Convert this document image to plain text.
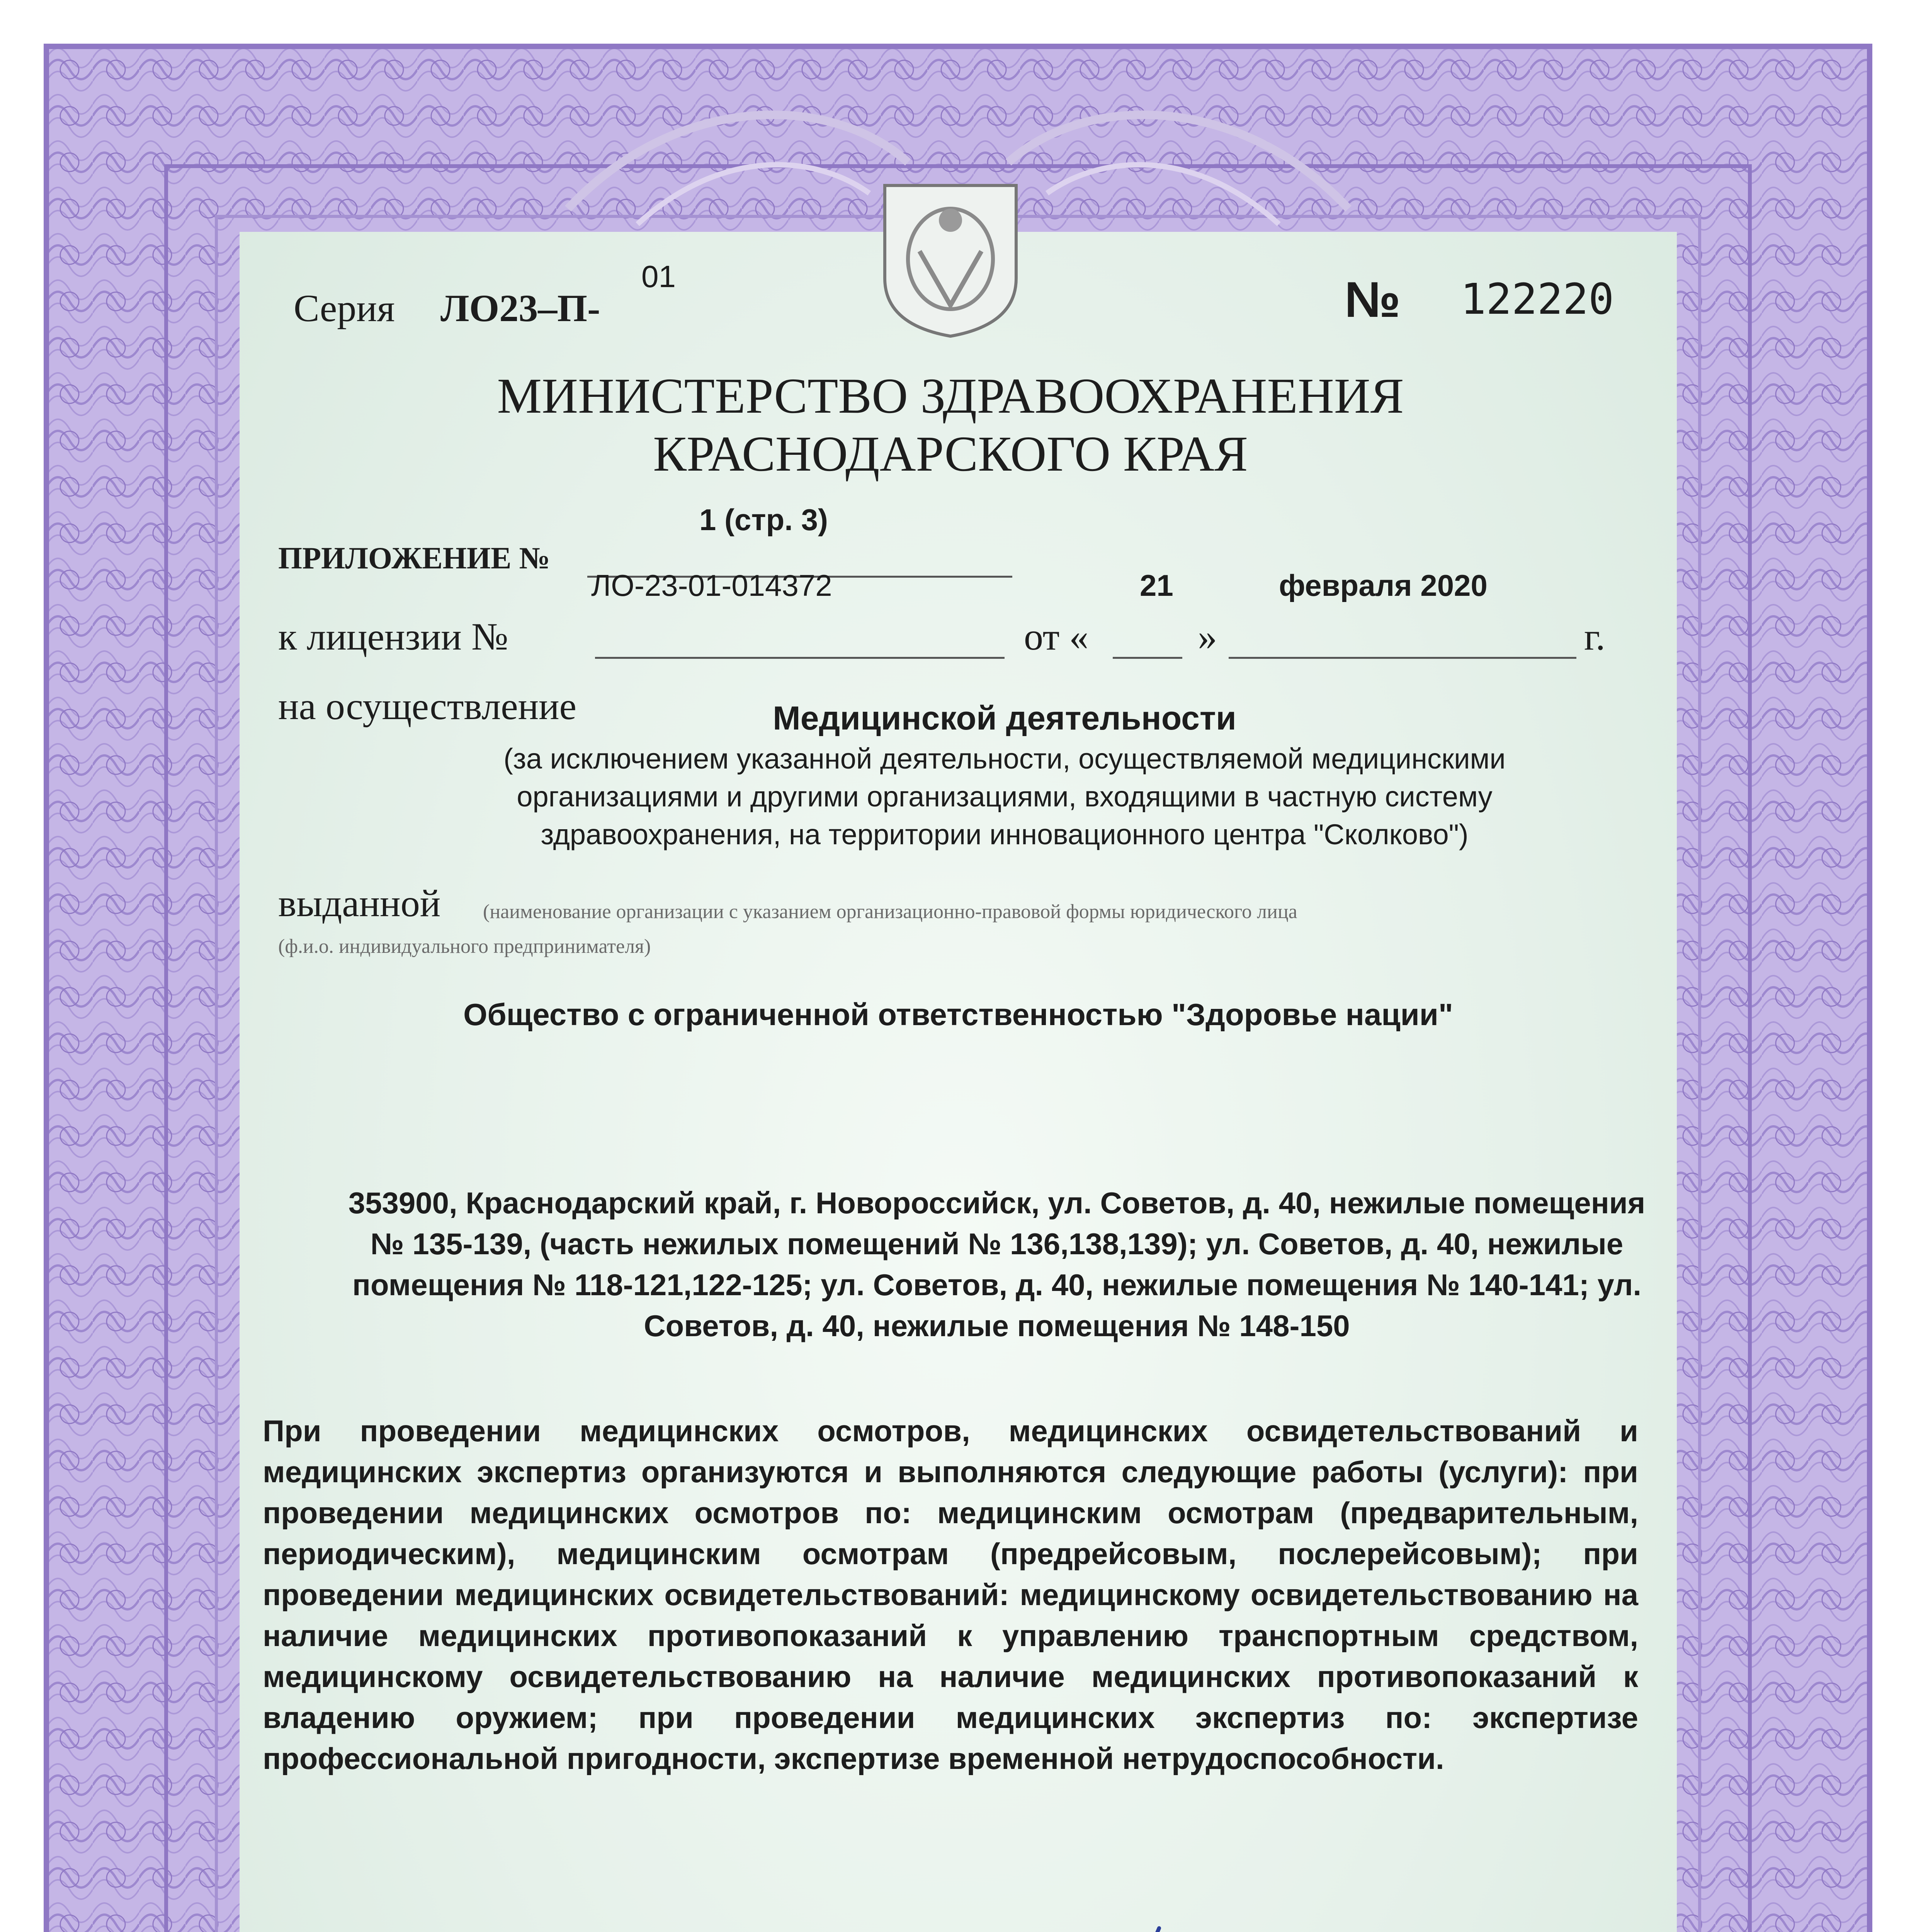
Серия ЛО23–П-
01	№ 122220
МИНИСТЕРСТВО ЗДРАВООХРАНЕНИЯ
КРАСНОДАРСКОГО КРАЯ
1 (стр. 3)
ПРИЛОЖЕНИЕ №
ЛО-23-01-014372	21	февраля 2020
к лицензии №	от «	»	г.
на осуществление	Медицинской деятельности
(за исключением указанной деятельности, осуществляемой медицинскими организациями и другими организациями, входящими в частную систему здравоохранения, на территории инновационного центра "Сколково")
выданной (наименование организации с указанием организационно-правовой формы юридического лица
(ф.и.о. индивидуального предпринимателя)
Общество с ограниченной ответственностью "Здоровье нации"
353900, Краснодарский край, г. Новороссийск, ул. Советов, д. 40, нежилые помещения № 135-139, (часть нежилых помещений № 136,138,139); ул. Советов, д. 40, нежилые помещения № 118-121,122-125; ул. Советов, д. 40, нежилые помещения № 140-141; ул. Советов, д. 40, нежилые помещения № 148-150
При проведении медицинских осмотров, медицинских освидетельствований и медицинских экспертиз организуются и выполняются следующие работы (услуги): при проведении медицинских осмотров по: медицинским осмотрам (предварительным, периодическим), медицинским осмотрам (предрейсовым, послерейсовым); при проведении медицинских освидетельствований: медицинскому освидетельствованию на наличие медицинских противопоказаний к управлению транспортным средством, медицинскому освидетельствованию на наличие медицинских противопоказаний к владению оружием; при проведении медицинских экспертиз по: экспертизе профессиональной пригодности, экспертизе временной нетрудоспособности.
